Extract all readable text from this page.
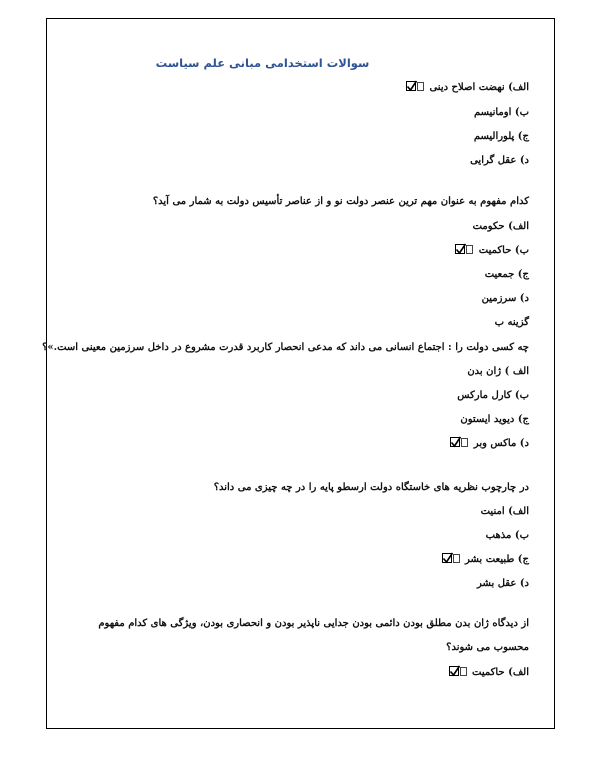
سوالات استخدامی مبانی علم سیاست
الف) نهضت اصلاح دینی
ب) اومانیسم
ج) پلورالیسم
د) عقل گرایی
کدام مفهوم به عنوان مهم ترین عنصر دولت نو و از عناصر تأسیس دولت به شمار می آید؟
الف) حکومت
ب) حاکمیت
ج) جمعیت
د) سرزمین
گزینه ب
چه کسی دولت را : اجتماع انسانی می داند که مدعی انحصار کاربرد قدرت مشروع در داخل سرزمین معینی است.»؟
الف ) ژان بدن
ب) کارل مارکس
ج) دیوید ایستون
د) ماکس وبر
در چارچوب نظریه های خاستگاه دولت ارسطو پایه را در چه چیزی می داند؟
الف) امنیت
ب) مذهب
ج) طبیعت بشر
د) عقل بشر
از دیدگاه ژان بدن مطلق بودن دائمی بودن جدایی ناپذیر بودن و انحصاری بودن، ویژگی های کدام مفهوم محسوب می شوند؟
الف) حاکمیت
